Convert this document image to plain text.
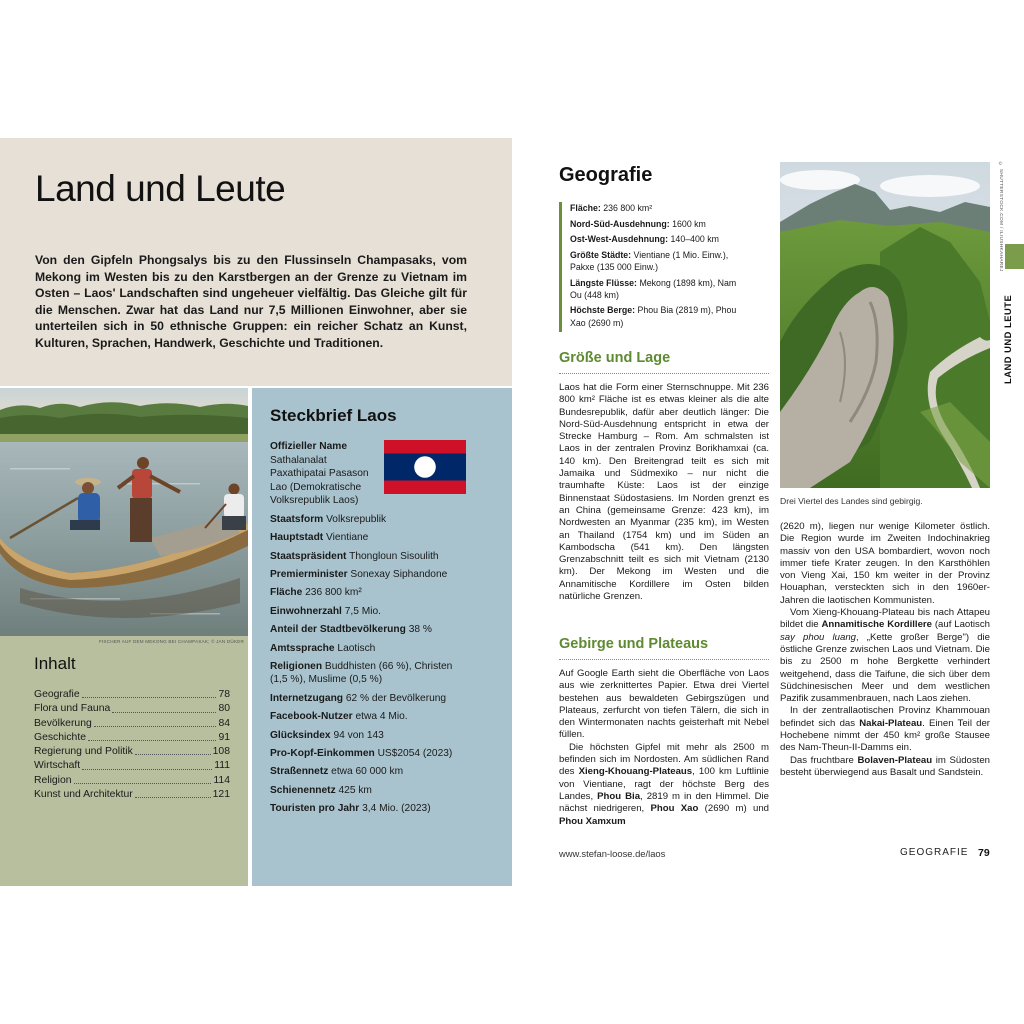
Land und Leute

Von den Gipfeln Phongsalys bis zu den Flussinseln Champasaks, vom Mekong im Westen bis zu den Karstbergen an der Grenze zu Vietnam im Osten – Laos' Landschaften sind ungeheuer vielfältig. Das Gleiche gilt für die Menschen. Zwar hat das Land nur 7,5 Millionen Einwohner, aber sie unterteilen sich in 50 ethnische Gruppen: ein reicher Schatz an Kunst, Kulturen, Sprachen, Handwerk, Geschichte und Traditionen.

Inhalt
Geografie	78
Flora und Fauna	80
Bevölkerung	84
Geschichte	91
Regierung und Politik	108
Wirtschaft	111
Religion	114
Kunst und Architektur	121
FISCHER AUF DEM MEKONG BEI CHAMPASAK; © JAN DÜKER
Steckbrief Laos
Offizieller Name
Sathalanalat Paxathipatai Pasason Lao (Demokratische Volksrepublik Laos)
Staatsform Volksrepublik
Hauptstadt Vientiane
Staatspräsident Thongloun Sisoulith
Premierminister Sonexay Siphandone
Fläche 236 800 km²
Einwohnerzahl 7,5 Mio.
Anteil der Stadtbevölkerung 38 %
Amtssprache Laotisch
Religionen Buddhisten (66 %), Christen (1,5 %), Muslime (0,5 %)
Internetzugang 62 % der Bevölkerung
Facebook-Nutzer etwa 4 Mio.
Glücksindex 94 von 143
Pro-Kopf-Einkommen US$2054 (2023)
Straßennetz etwa 60 000 km
Schienennetz 425 km
Touristen pro Jahr 3,4 Mio. (2023)
Geografie
Fläche: 236 800 km²
Nord-Süd-Ausdehnung: 1600 km
Ost-West-Ausdehnung: 140–400 km
Größte Städte: Vientiane (1 Mio. Einw.), Pakxe (135 000 Einw.)
Längste Flüsse: Mekong (1898 km), Nam Ou (448 km)
Höchste Berge: Phou Bia (2819 m), Phou Xao (2690 m)
Größe und Lage

Laos hat die Form einer Sternschnuppe. Mit 236 800 km² Fläche ist es etwas kleiner als die alte Bundesrepublik, dafür aber deutlich länger: Die Nord-Süd-Ausdehnung entspricht in etwa der Strecke Hamburg – Rom. Am schmalsten ist Laos in der zentralen Provinz Borikhamxai (ca. 140 km). Den Breitengrad teilt es sich mit Jamaika und Südmexiko – nur nicht die traumhafte Küste: Laos ist der einzige Binnenstaat Südostasiens. Im Norden grenzt es an China (gemeinsame Grenze: 423 km), im Nordwesten an Myanmar (235 km), im Westen an Thailand (1754 km) und im Süden an Kambodscha (541 km). Den längsten Grenzabschnitt teilt es sich mit Vietnam (2130 km). Der Mekong im Westen und die Annamitische Kordillere im Osten bilden natürliche Grenzen.

Gebirge und Plateaus

Auf Google Earth sieht die Oberfläche von Laos aus wie zerknittertes Papier. Etwa drei Viertel bestehen aus bewaldeten Gebirgszügen und Plateaus, zerfurcht von tiefen Tälern, die sich in den Wintermonaten nachts geisterhaft mit Nebel füllen.

Die höchsten Gipfel mit mehr als 2500 m befinden sich im Nordosten. Am südlichen Rand des Xieng-Khouang-Plateaus, 100 km Luftlinie von Vientiane, ragt der höchste Berg des Landes, Phou Bia, 2819 m in den Himmel. Die nächst niedrigeren, Phou Xao (2690 m) und Phou Xamxum

Drei Viertel des Landes sind gebirgig.
© SHUTTERSTOCK.COM / ILIUSHKAHAREJ

(2620 m), liegen nur wenige Kilometer östlich. Die Region wurde im Zweiten Indochinakrieg massiv von den USA bombardiert, wovon noch immer tiefe Krater zeugen. In den Karsthöhlen von Vieng Xai, 150 km weiter in der Provinz Houaphan, versteckten sich in den 1960er-Jahren die laotischen Kommunisten.

Vom Xieng-Khouang-Plateau bis nach Attapeu bildet die Annamitische Kordillere (auf Laotisch say phou luang, „Kette großer Berge") die östliche Grenze zwischen Laos und Vietnam. Die bis zu 2500 m hohe Bergkette verhindert weitgehend, dass die Taifune, die sich über dem Südchinesischen Meer und dem westlichen Pazifik zusammenbrauen, nach Laos ziehen.

In der zentrallaotischen Provinz Khammouan befindet sich das Nakai-Plateau. Einen Teil der Hochebene nimmt der 450 km² große Stausee des Nam-Theun-II-Damms ein.

Das fruchtbare Bolaven-Plateau im Südosten besteht überwiegend aus Basalt und Sandstein.

LAND UND LEUTE
www.stefan-loose.de/laos	GEOGRAFIE 79
